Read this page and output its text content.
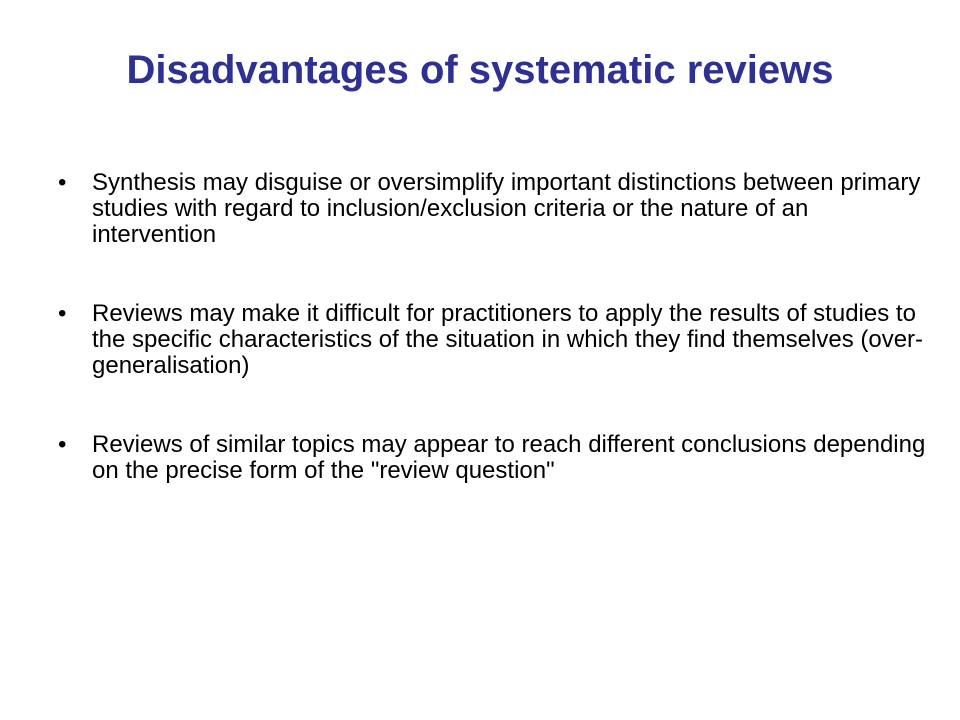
Disadvantages of systematic reviews
•	Synthesis may disguise or oversimplify important distinctions between primary studies with regard to inclusion/exclusion criteria or the nature of an intervention
•	Reviews may make it difficult for practitioners to apply the results of studies to the specific characteristics of the situation in which they find themselves (over-generalisation)
•	Reviews of similar topics may appear to reach different conclusions depending on the precise form of the "review question"
